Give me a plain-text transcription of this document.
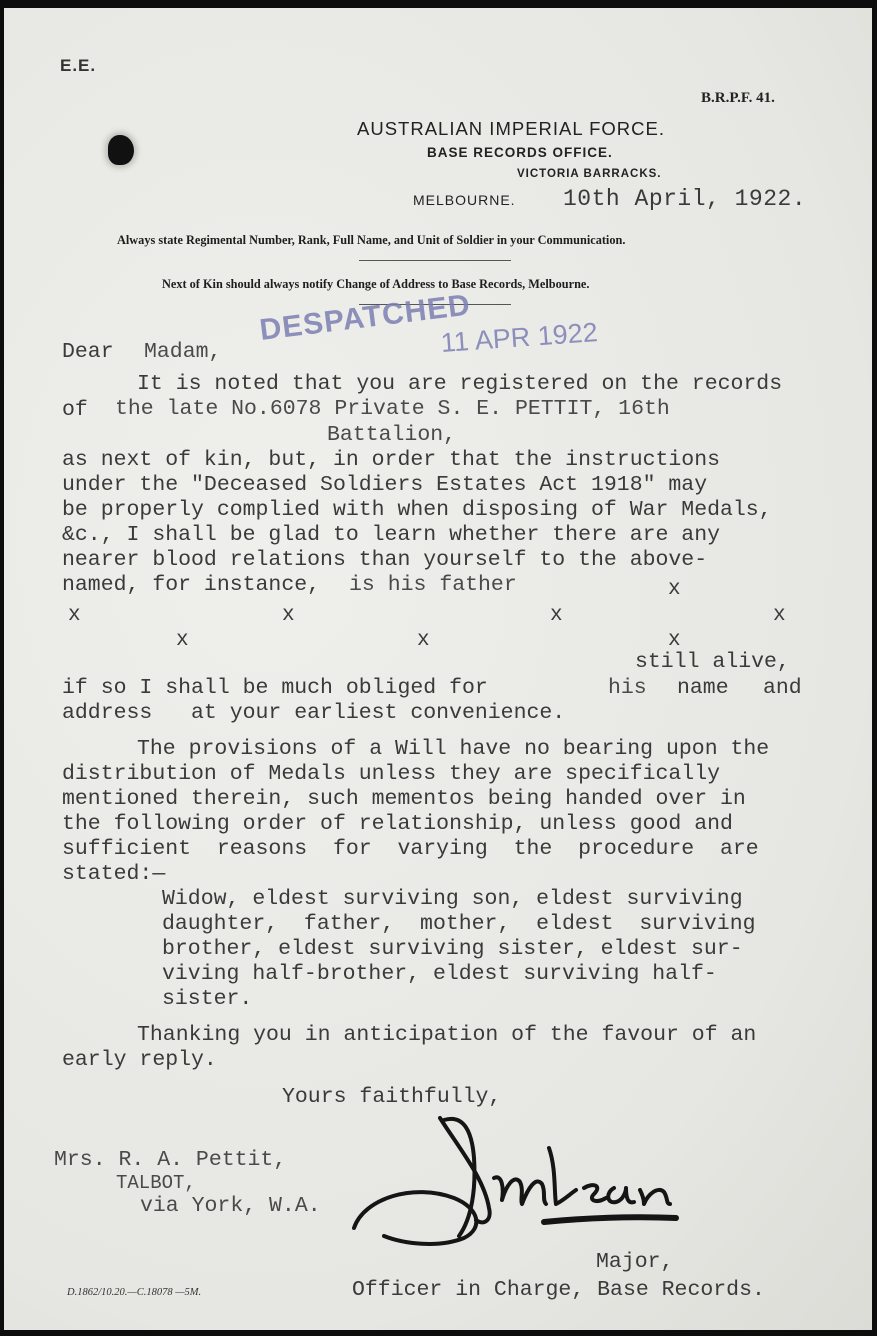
E.E.
B.R.P.F. 41.
AUSTRALIAN IMPERIAL FORCE.
BASE RECORDS OFFICE.
VICTORIA BARRACKS.
MELBOURNE. 10th April, 1922.
Always state Regimental Number, Rank, Full Name, and Unit of Soldier in your Communication.
Next of Kin should always notify Change of Address to Base Records, Melbourne.
DESPATCHED
11 APR 1922
Dear Madam,
It is noted that you are registered on the records
of the late No.6078 Private S. E. PETTIT, 16th
Battalion,
as next of kin, but, in order that the instructions
under the "Deceased Soldiers Estates Act 1918" may
be properly complied with when disposing of War Medals,
&c., I shall be glad to learn whether there are any
nearer blood relations than yourself to the above-
named, for instance, is his father	x
x	x	x	x
x	x	x
still alive,
if so I shall be much obliged for	his name and
address   at your earliest convenience.
The provisions of a Will have no bearing upon the
distribution of Medals unless they are specifically
mentioned therein, such mementos being handed over in
the following order of relationship, unless good and
sufficient  reasons  for  varying  the  procedure  are
stated:—
Widow, eldest surviving son, eldest surviving
daughter,  father,  mother,  eldest  surviving
brother, eldest surviving sister, eldest sur-
viving half-brother, eldest surviving half-
sister.
Thanking you in anticipation of the favour of an
early reply.
Yours faithfully,
Mrs. R. A. Pettit,
TALBOT,
via York, W.A.
Major,
Officer in Charge, Base Records.
D.1862/10.20.—C.18078 —5M.
